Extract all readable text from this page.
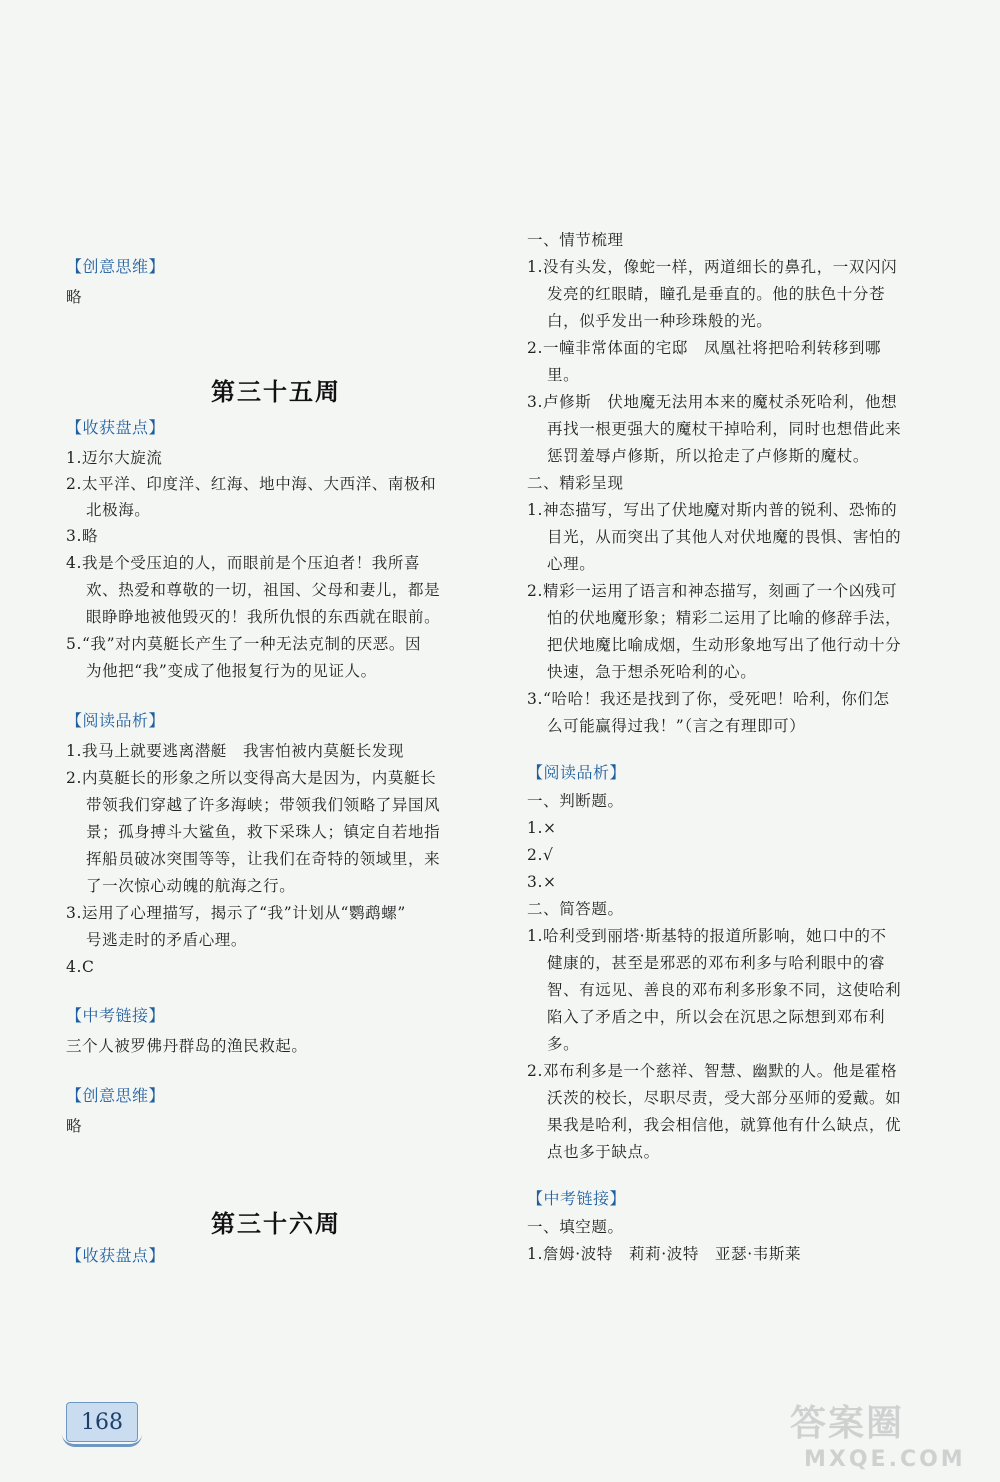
【创意思维】
略
第三十五周
【收获盘点】
1.迈尔大旋流
2.太平洋、印度洋、红海、地中海、大西洋、南极和
北极海。
3.略
4.我是个受压迫的人，而眼前是个压迫者！我所喜
欢、热爱和尊敬的一切，祖国、父母和妻儿，都是
眼睁睁地被他毁灭的！我所仇恨的东西就在眼前。
5.“我”对内莫艇长产生了一种无法克制的厌恶。因
为他把“我”变成了他报复行为的见证人。
【阅读品析】
1.我马上就要逃离潜艇　我害怕被内莫艇长发现
2.内莫艇长的形象之所以变得高大是因为，内莫艇长
带领我们穿越了许多海峡；带领我们领略了异国风
景；孤身搏斗大鲨鱼，救下采珠人；镇定自若地指
挥船员破冰突围等等，让我们在奇特的领域里，来
了一次惊心动魄的航海之行。
3.运用了心理描写，揭示了“我”计划从“鹦鹉螺”
号逃走时的矛盾心理。
4.C
【中考链接】
三个人被罗佛丹群岛的渔民救起。
【创意思维】
略
第三十六周
【收获盘点】
一、情节梳理
1.没有头发，像蛇一样，两道细长的鼻孔，一双闪闪
发亮的红眼睛，瞳孔是垂直的。他的肤色十分苍
白，似乎发出一种珍珠般的光。
2.一幢非常体面的宅邸　凤凰社将把哈利转移到哪
里。
3.卢修斯　伏地魔无法用本来的魔杖杀死哈利，他想
再找一根更强大的魔杖干掉哈利，同时也想借此来
惩罚羞辱卢修斯，所以抢走了卢修斯的魔杖。
二、精彩呈现
1.神态描写，写出了伏地魔对斯内普的锐利、恐怖的
目光，从而突出了其他人对伏地魔的畏惧、害怕的
心理。
2.精彩一运用了语言和神态描写，刻画了一个凶残可
怕的伏地魔形象；精彩二运用了比喻的修辞手法，
把伏地魔比喻成烟，生动形象地写出了他行动十分
快速，急于想杀死哈利的心。
3.“哈哈！我还是找到了你，受死吧！哈利，你们怎
么可能赢得过我！”（言之有理即可）
【阅读品析】
一、判断题。
1.×
2.√
3.×
二、简答题。
1.哈利受到丽塔·斯基特的报道所影响，她口中的不
健康的，甚至是邪恶的邓布利多与哈利眼中的睿
智、有远见、善良的邓布利多形象不同，这使哈利
陷入了矛盾之中，所以会在沉思之际想到邓布利
多。
2.邓布利多是一个慈祥、智慧、幽默的人。他是霍格
沃茨的校长，尽职尽责，受大部分巫师的爱戴。如
果我是哈利，我会相信他，就算他有什么缺点，优
点也多于缺点。
【中考链接】
一、填空题。
1.詹姆·波特　莉莉·波特　亚瑟·韦斯莱
168	答案圈
MXQE.COM
